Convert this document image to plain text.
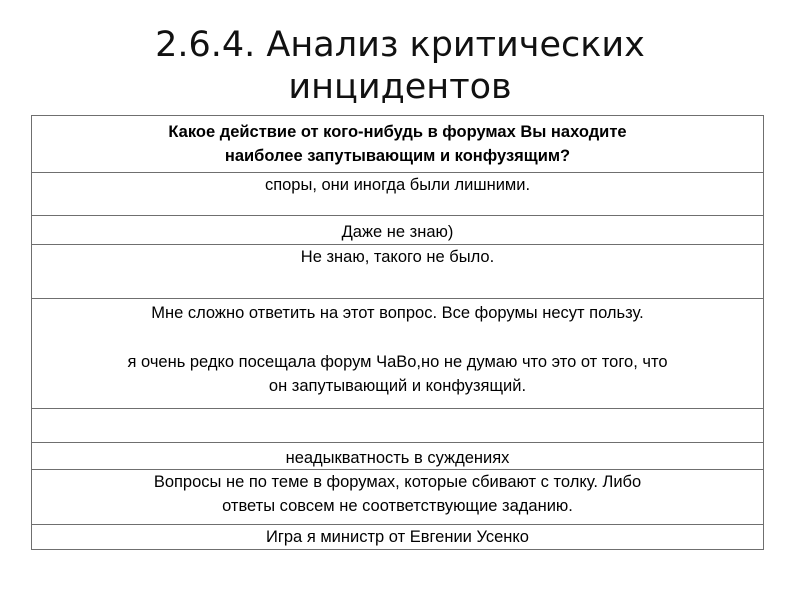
2.6.4. Анализ критических
инцидентов
Какое действие от кого-нибудь в форумах Вы находите
наиболее запутывающим и конфузящим?
споры, они иногда были лишними.
Даже не знаю)
Не знаю, такого не было.
Мне сложно ответить на этот вопрос. Все форумы несут пользу.
я очень редко посещала форум ЧаВо,но не думаю что это от того, что
он запутывающий и конфузящий.
неадыкватность в суждениях
Вопросы не по теме в форумах, которые сбивают с толку. Либо
ответы совсем не соответствующие заданию.
Игра я министр от Евгении Усенко
